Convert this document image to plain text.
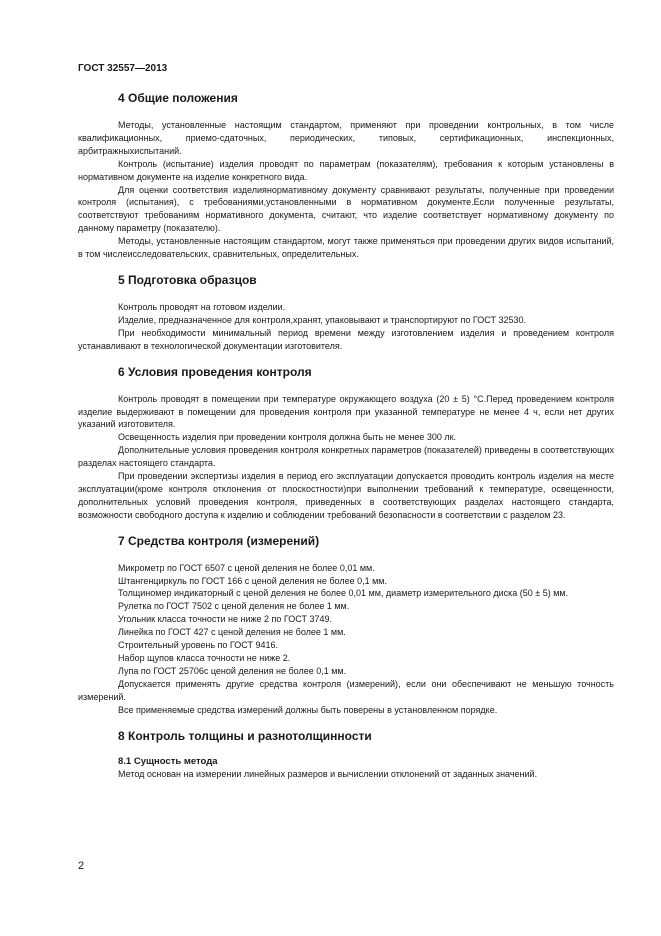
ГОСТ 32557—2013
4 Общие положения

Методы, установленные настоящим стандартом, применяют при проведении контрольных, в том числе квалификационных, приемо-сдаточных, периодических, типовых, сертификационных, инспекционных, арбитражныхиспытаний.

Контроль (испытание) изделия проводят по параметрам (показателям), требования к которым установлены в нормативном документе на изделие конкретного вида.

Для оценки соответствия изделиянормативному документу сравнивают результаты, полученные при проведении контроля (испытания), с требованиями,установленными в нормативном документе.Если полученные результаты, соответствуют требованиям нормативного документа, считают, что изделие соответствует нормативному документу по данному параметру (показателю).

Методы, установленные настоящим стандартом, могут также применяться при проведении других видов испытаний, в том числеисследовательских, сравнительных, определительных.

5 Подготовка образцов

Контроль проводят на готовом изделии.

Изделие, предназначенное для контроля,хранят, упаковывают и транспортируют по ГОСТ 32530.

При необходимости минимальный период времени между изготовлением изделия и проведением контроля устанавливают в технологической документации изготовителя.

6 Условия проведения контроля

Контроль проводят в помещении при температуре окружающего воздуха (20 ± 5) °С.Перед проведением контроля изделие выдерживают в помещении для проведения контроля при указанной температуре не менее 4 ч, если нет других указаний изготовителя.

Освещенность изделия при проведении контроля должна быть не менее 300 лк.

Дополнительные условия проведения контроля конкретных параметров (показателей) приведены в соответствующих разделах настоящего стандарта.

При проведении экспертизы изделия в период его эксплуатации допускается проводить контроль изделия на месте эксплуатации(кроме контроля отклонения от плоскостности)при выполнении требований к температуре, освещенности, дополнительных условий проведения контроля, приведенных в соответствующих разделах настоящего стандарта, возможности свободного доступа к изделию и соблюдении требований безопасности в соответствии с разделом 23.

7 Средства контроля (измерений)

Микрометр по ГОСТ 6507 с ценой деления не более 0,01 мм.

Штангенциркуль по ГОСТ 166 с ценой деления не более 0,1 мм.

Толщиномер индикаторный с ценой деления не более 0,01 мм, диаметр измерительного диска (50 ± 5) мм.

Рулетка по ГОСТ 7502 с ценой деления не более 1 мм.

Угольник класса точности не ниже 2 по ГОСТ 3749.

Линейка по ГОСТ 427 с ценой деления не более 1 мм.

Строительный уровень по ГОСТ 9416.

Набор щупов класса точности не ниже 2.

Лупа по ГОСТ 25706с ценой деления не более 0,1 мм.

Допускается применять другие средства контроля (измерений), если они обеспечивают не меньшую точность измерений.

Все применяемые средства измерений должны быть поверены в установленном порядке.

8 Контроль толщины и разнотолщинности
8.1 Сущность метода

Метод основан на измерении линейных размеров и вычислении отклонений от заданных значений.

2
